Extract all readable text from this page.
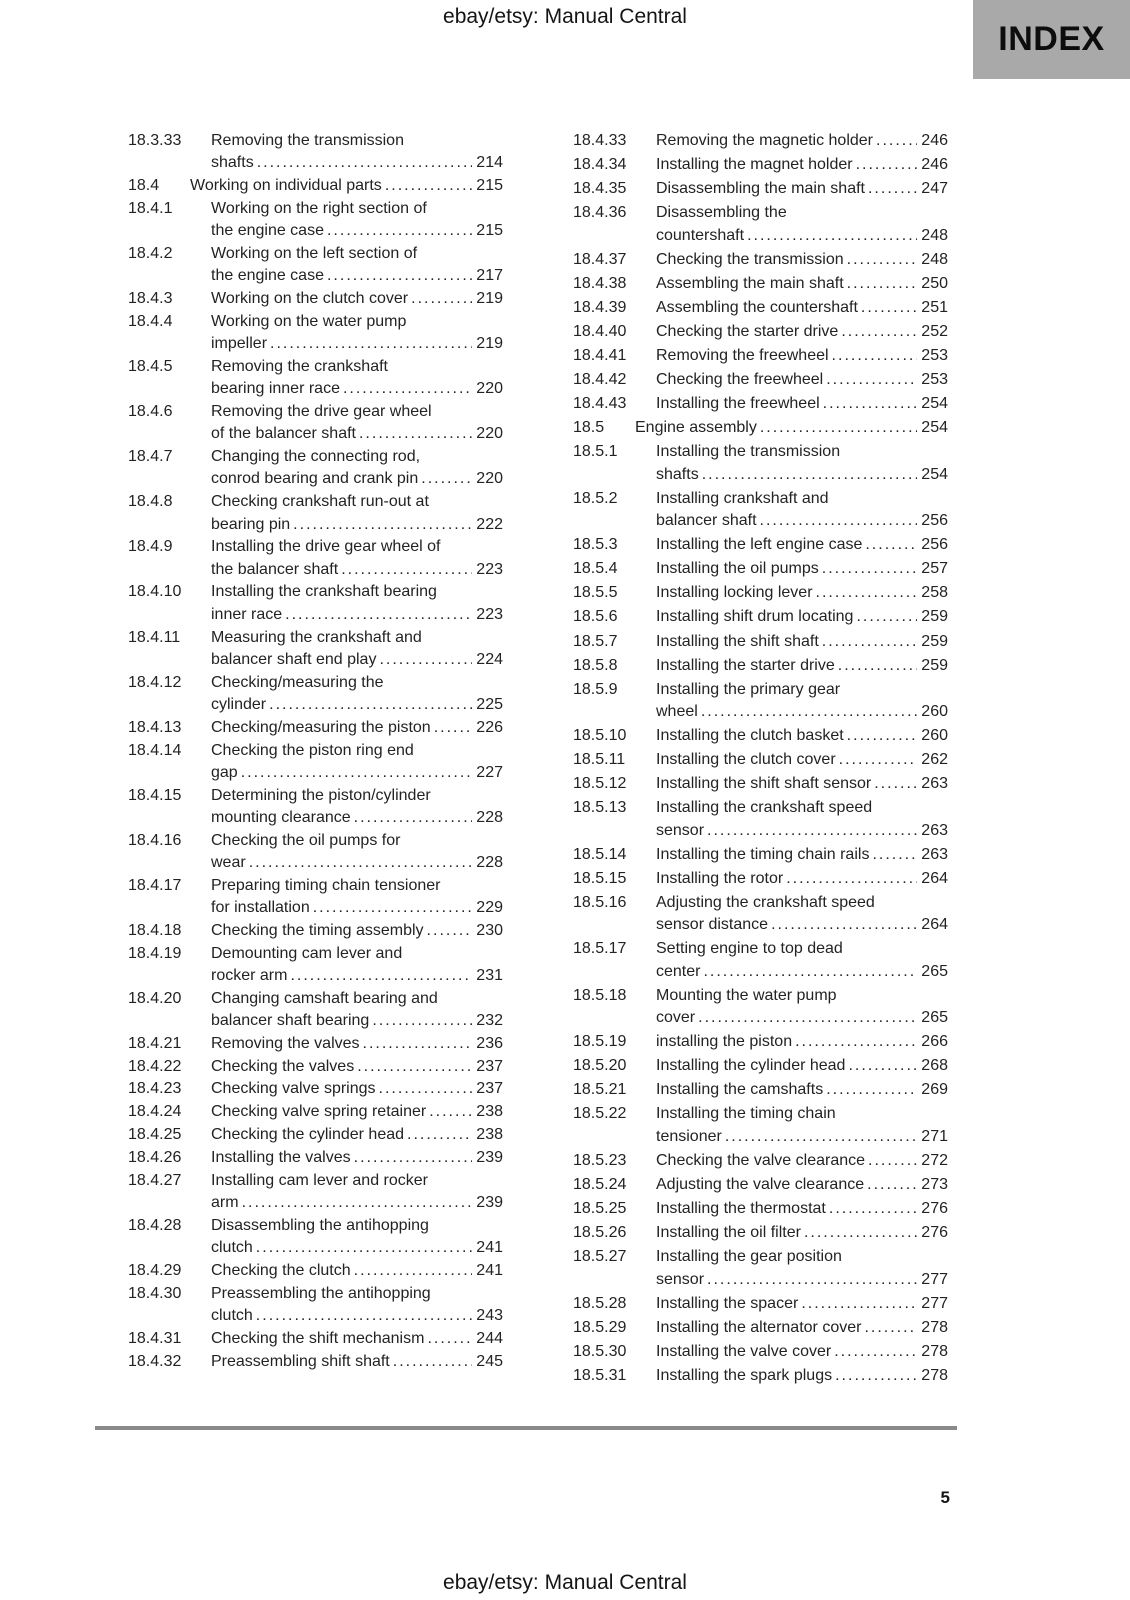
ebay/etsy: Manual Central
INDEX
18.3.33	Removing the transmission
shafts .....	214
18.4	Working on individual parts .....	215
18.4.1	Working on the right section of
the engine case .....	215
18.4.2	Working on the left section of
the engine case .....	217
18.4.3	Working on the clutch cover .....	219
18.4.4	Working on the water pump
impeller .....	219
18.4.5	Removing the crankshaft
bearing inner race .....	220
18.4.6	Removing the drive gear wheel
of the balancer shaft .....	220
18.4.7	Changing the connecting rod,
conrod bearing and crank pin .....	220
18.4.8	Checking crankshaft run-out at
bearing pin .....	222
18.4.9	Installing the drive gear wheel of
the balancer shaft .....	223
18.4.10	Installing the crankshaft bearing
inner race .....	223
18.4.11	Measuring the crankshaft and
balancer shaft end play .....	224
18.4.12	Checking/measuring the
cylinder .....	225
18.4.13	Checking/measuring the piston .....	226
18.4.14	Checking the piston ring end
gap .....	227
18.4.15	Determining the piston/cylinder
mounting clearance .....	228
18.4.16	Checking the oil pumps for
wear .....	228
18.4.17	Preparing timing chain tensioner
for installation .....	229
18.4.18	Checking the timing assembly .....	230
18.4.19	Demounting cam lever and
rocker arm .....	231
18.4.20	Changing camshaft bearing and
balancer shaft bearing .....	232
18.4.21	Removing the valves .....	236
18.4.22	Checking the valves .....	237
18.4.23	Checking valve springs .....	237
18.4.24	Checking valve spring retainer .....	238
18.4.25	Checking the cylinder head .....	238
18.4.26	Installing the valves .....	239
18.4.27	Installing cam lever and rocker
arm .....	239
18.4.28	Disassembling the antihopping
clutch .....	241
18.4.29	Checking the clutch .....	241
18.4.30	Preassembling the antihopping
clutch .....	243
18.4.31	Checking the shift mechanism .....	244
18.4.32	Preassembling shift shaft .....	245
18.4.33	Removing the magnetic holder .....	246
18.4.34	Installing the magnet holder .....	246
18.4.35	Disassembling the main shaft .....	247
18.4.36	Disassembling the
countershaft .....	248
18.4.37	Checking the transmission .....	248
18.4.38	Assembling the main shaft .....	250
18.4.39	Assembling the countershaft .....	251
18.4.40	Checking the starter drive .....	252
18.4.41	Removing the freewheel .....	253
18.4.42	Checking the freewheel .....	253
18.4.43	Installing the freewheel .....	254
18.5	Engine assembly .....	254
18.5.1	Installing the transmission
shafts .....	254
18.5.2	Installing crankshaft and
balancer shaft .....	256
18.5.3	Installing the left engine case .....	256
18.5.4	Installing the oil pumps .....	257
18.5.5	Installing locking lever .....	258
18.5.6	Installing shift drum locating .....	259
18.5.7	Installing the shift shaft .....	259
18.5.8	Installing the starter drive .....	259
18.5.9	Installing the primary gear
wheel .....	260
18.5.10	Installing the clutch basket .....	260
18.5.11	Installing the clutch cover .....	262
18.5.12	Installing the shift shaft sensor .....	263
18.5.13	Installing the crankshaft speed
sensor .....	263
18.5.14	Installing the timing chain rails .....	263
18.5.15	Installing the rotor .....	264
18.5.16	Adjusting the crankshaft speed
sensor distance .....	264
18.5.17	Setting engine to top dead
center .....	265
18.5.18	Mounting the water pump
cover .....	265
18.5.19	installing the piston .....	266
18.5.20	Installing the cylinder head .....	268
18.5.21	Installing the camshafts .....	269
18.5.22	Installing the timing chain
tensioner .....	271
18.5.23	Checking the valve clearance .....	272
18.5.24	Adjusting the valve clearance .....	273
18.5.25	Installing the thermostat .....	276
18.5.26	Installing the oil filter .....	276
18.5.27	Installing the gear position
sensor .....	277
18.5.28	Installing the spacer .....	277
18.5.29	Installing the alternator cover .....	278
18.5.30	Installing the valve cover .....	278
18.5.31	Installing the spark plugs .....	278
5
ebay/etsy: Manual Central
